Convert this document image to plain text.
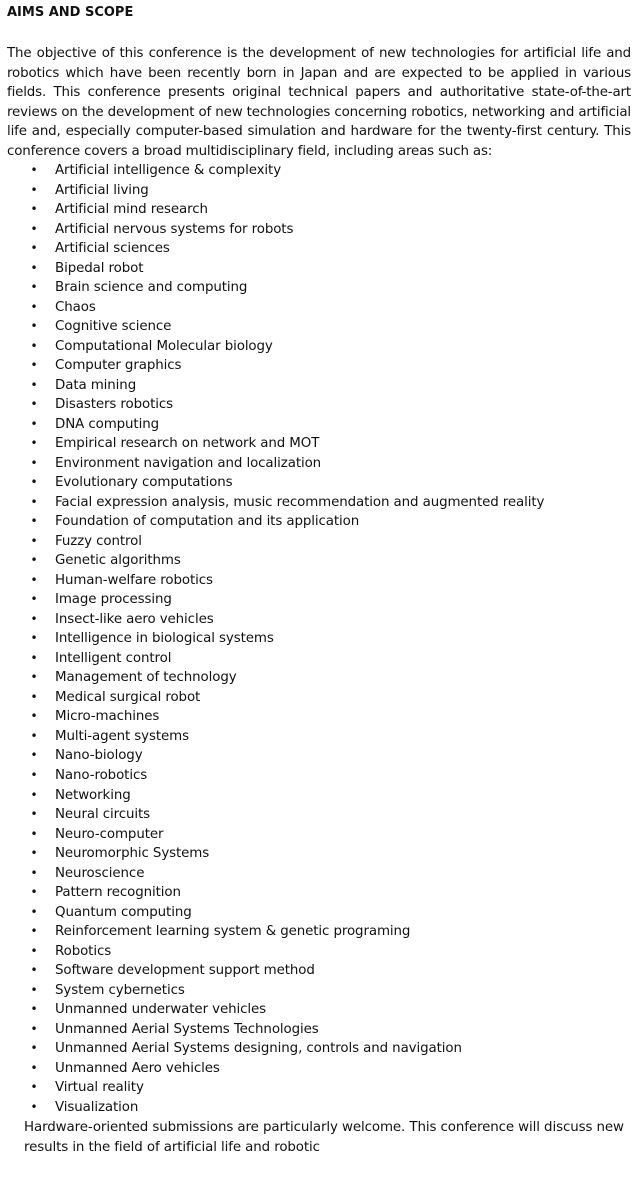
AIMS AND SCOPE
The objective of this conference is the development of new technologies for artificial life and robotics which have been recently born in Japan and are expected to be applied in various fields. This conference presents original technical papers and authoritative state-of-the-art reviews on the development of new technologies concerning robotics, networking and artificial life and, especially computer-based simulation and hardware for the twenty-first century. This conference covers a broad multidisciplinary field, including areas such as:
• Artificial intelligence & complexity
• Artificial living
• Artificial mind research
• Artificial nervous systems for robots
• Artificial sciences
• Bipedal robot
• Brain science and computing
• Chaos
• Cognitive science
• Computational Molecular biology
• Computer graphics
• Data mining
• Disasters robotics
• DNA computing
• Empirical research on network and MOT
• Environment navigation and localization
• Evolutionary computations
• Facial expression analysis, music recommendation and augmented reality
• Foundation of computation and its application
• Fuzzy control
• Genetic algorithms
• Human-welfare robotics
• Image processing
• Insect-like aero vehicles
• Intelligence in biological systems
• Intelligent control
• Management of technology
• Medical surgical robot
• Micro-machines
• Multi-agent systems
• Nano-biology
• Nano-robotics
• Networking
• Neural circuits
• Neuro-computer
• Neuromorphic Systems
• Neuroscience
• Pattern recognition
• Quantum computing
• Reinforcement learning system & genetic programing
• Robotics
• Software development support method
• System cybernetics
• Unmanned underwater vehicles
• Unmanned Aerial Systems Technologies
• Unmanned Aerial Systems designing, controls and navigation
• Unmanned Aero vehicles
• Virtual reality
• Visualization
Hardware-oriented submissions are particularly welcome. This conference will discuss new results in the field of artificial life and robotic
